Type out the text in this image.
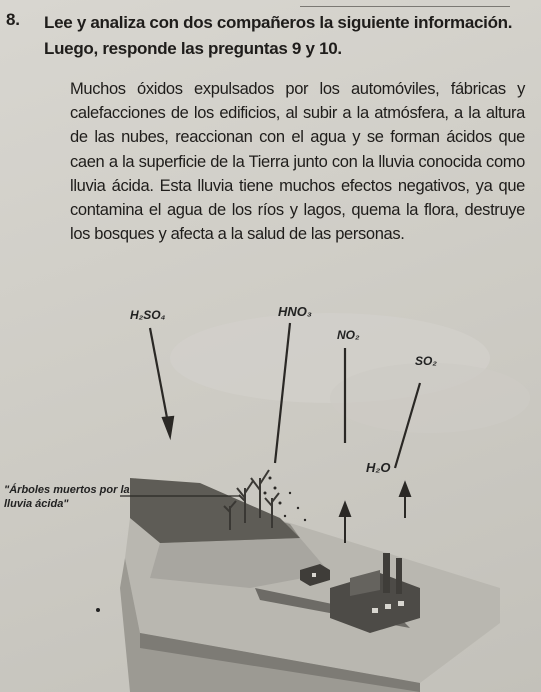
8. Lee y analiza con dos compañeros la siguiente información. Luego, responde las preguntas 9 y 10.
Muchos óxidos expulsados por los automóviles, fábricas y calefacciones de los edificios, al subir a la atmósfera, a la altura de las nubes, reaccionan con el agua y se forman ácidos que caen a la superficie de la Tierra junto con la lluvia conocida como lluvia ácida. Esta lluvia tiene muchos efectos negativos, ya que contamina el agua de los ríos y lagos, quema la flora, destruye los bosques y afecta a la salud de las personas.
H₂SO₄	HNO₃
NO₂
SO₂
H₂O
"Árboles muertos por la lluvia ácida"
